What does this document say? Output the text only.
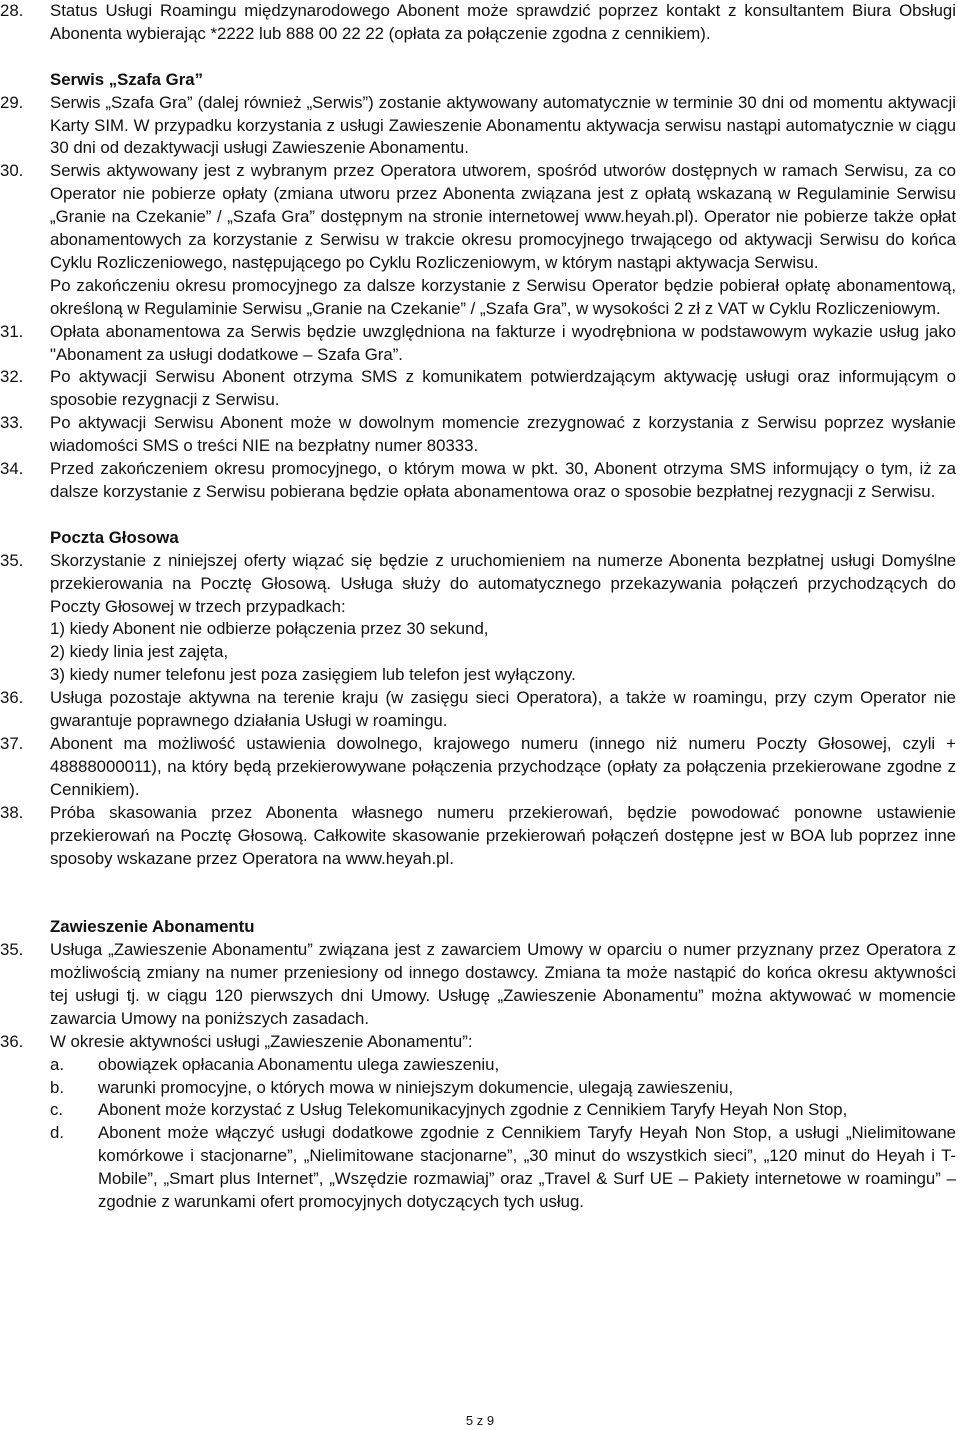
28. Status Usługi Roamingu międzynarodowego Abonent może sprawdzić poprzez kontakt z konsultantem Biura Obsługi Abonenta wybierając *2222 lub 888 00 22 22 (opłata za połączenie zgodna z cennikiem).

Serwis „Szafa Gra”

29. Serwis „Szafa Gra” (dalej również „Serwis”) zostanie aktywowany automatycznie w terminie 30 dni od momentu aktywacji Karty SIM. W przypadku korzystania z usługi Zawieszenie Abonamentu aktywacja serwisu nastąpi automatycznie w ciągu 30 dni od dezaktywacji usługi Zawieszenie Abonamentu.

30. Serwis aktywowany jest z wybranym przez Operatora utworem, spośród utworów dostępnych w ramach Serwisu, za co Operator nie pobierze opłaty (zmiana utworu przez Abonenta związana jest z opłatą wskazaną w Regulaminie Serwisu „Granie na Czekanie” / „Szafa Gra” dostępnym na stronie internetowej www.heyah.pl). Operator nie pobierze także opłat abonamentowych za korzystanie z Serwisu w trakcie okresu promocyjnego trwającego od aktywacji Serwisu do końca Cyklu Rozliczeniowego, następującego po Cyklu Rozliczeniowym, w którym nastąpi aktywacja Serwisu.
Po zakończeniu okresu promocyjnego za dalsze korzystanie z Serwisu Operator będzie pobierał opłatę abonamentową, określoną w Regulaminie Serwisu „Granie na Czekanie” / „Szafa Gra”, w wysokości 2 zł z VAT w Cyklu Rozliczeniowym.

31. Opłata abonamentowa za Serwis będzie uwzględniona na fakturze i wyodrębniona w podstawowym wykazie usług jako "Abonament za usługi dodatkowe – Szafa Gra”.

32. Po aktywacji Serwisu Abonent otrzyma SMS z komunikatem potwierdzającym aktywację usługi oraz informującym o sposobie rezygnacji z Serwisu.

33. Po aktywacji Serwisu Abonent może w dowolnym momencie zrezygnować z korzystania z Serwisu poprzez wysłanie wiadomości SMS o treści NIE na bezpłatny numer 80333.

34. Przed zakończeniem okresu promocyjnego, o którym mowa w pkt. 30, Abonent otrzyma SMS informujący o tym, iż za dalsze korzystanie z Serwisu pobierana będzie opłata abonamentowa oraz o sposobie bezpłatnej rezygnacji z Serwisu.

Poczta Głosowa

35. Skorzystanie z niniejszej oferty wiązać się będzie z uruchomieniem na numerze Abonenta bezpłatnej usługi Domyślne przekierowania na Pocztę Głosową. Usługa służy do automatycznego przekazywania połączeń przychodzących do Poczty Głosowej w trzech przypadkach:
1) kiedy Abonent nie odbierze połączenia przez 30 sekund,
2) kiedy linia jest zajęta,
3) kiedy numer telefonu jest poza zasięgiem lub telefon jest wyłączony.

36. Usługa pozostaje aktywna na terenie kraju (w zasięgu sieci Operatora), a także w roamingu, przy czym Operator nie gwarantuje poprawnego działania Usługi w roamingu.

37. Abonent ma możliwość ustawienia dowolnego, krajowego numeru (innego niż numeru Poczty Głosowej, czyli + 48888000011), na który będą przekierowywane połączenia przychodzące (opłaty za połączenia przekierowane zgodne z Cennikiem).

38. Próba skasowania przez Abonenta własnego numeru przekierowań, będzie powodować ponowne ustawienie przekierowań na Pocztę Głosową. Całkowite skasowanie przekierowań połączeń dostępne jest w BOA lub poprzez inne sposoby wskazane przez Operatora na www.heyah.pl.

Zawieszenie Abonamentu

35. Usługa „Zawieszenie Abonamentu” związana jest z zawarciem Umowy w oparciu o numer przyznany przez Operatora z możliwością zmiany na numer przeniesiony od innego dostawcy. Zmiana ta może nastąpić do końca okresu aktywności tej usługi tj. w ciągu 120 pierwszych dni Umowy. Usługę „Zawieszenie Abonamentu” można aktywować w momencie zawarcia Umowy na poniższych zasadach.

36. W okresie aktywności usługi „Zawieszenie Abonamentu”:

a. obowiązek opłacania Abonamentu ulega zawieszeniu,

b. warunki promocyjne, o których mowa w niniejszym dokumencie, ulegają zawieszeniu,

c. Abonent może korzystać z Usług Telekomunikacyjnych zgodnie z Cennikiem Taryfy Heyah Non Stop,

d. Abonent może włączyć usługi dodatkowe zgodnie z Cennikiem Taryfy Heyah Non Stop, a usługi „Nielimitowane komórkowe i stacjonarne”, „Nielimitowane stacjonarne”, „30 minut do wszystkich sieci”, „120 minut do Heyah i T-Mobile”, „Smart plus Internet”, „Wszędzie rozmawiaj” oraz „Travel & Surf UE – Pakiety internetowe w roamingu” – zgodnie z warunkami ofert promocyjnych dotyczących tych usług.

5 z 9
